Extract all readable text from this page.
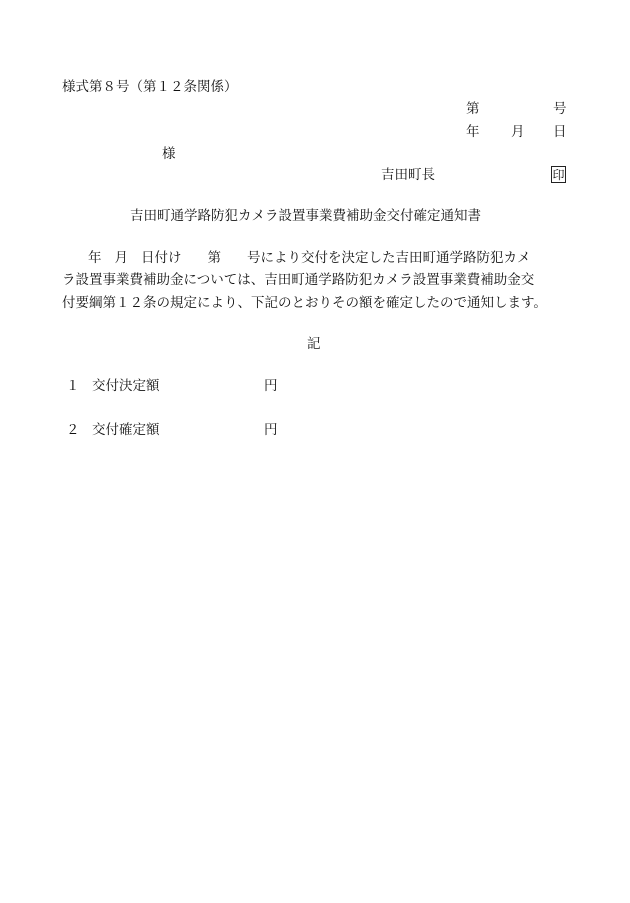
様式第８号（第１２条関係）
第	号
年 月 日
様
吉田町長	印
吉田町通学路防犯カメラ設置事業費補助金交付確定通知書
年 月 日付け 第 号により交付を決定した吉田町通学路防犯カメ
ラ設置事業費補助金については、吉田町通学路防犯カメラ設置事業費補助金交
付要綱第１２条の規定により、下記のとおりその額を確定したので通知します。
記
１ 交付決定額	円
２ 交付確定額	円
